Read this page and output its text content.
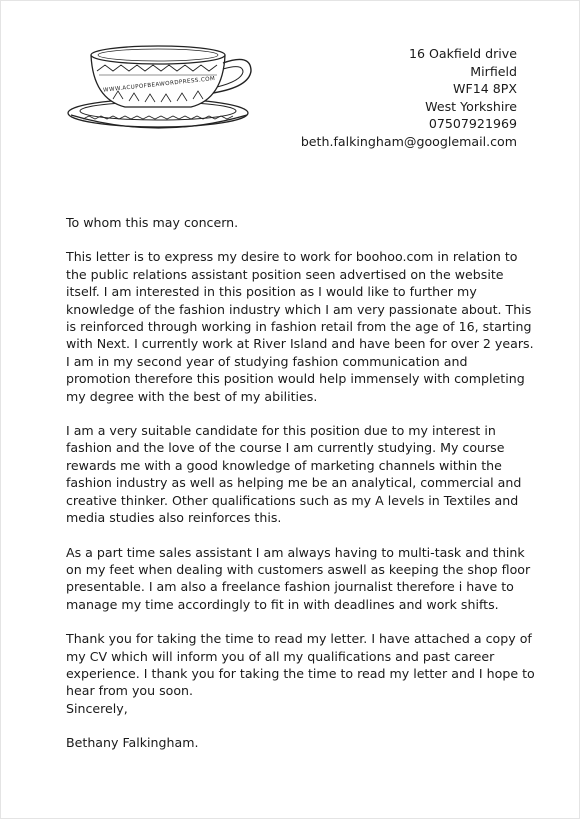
WWW.ACUPOFBEAWORDPRESS.COM
16 Oakfield drive
Mirfield
WF14 8PX
West Yorkshire
07507921969
beth.falkingham@googlemail.com

To whom this may concern.

This letter is to express my desire to work for boohoo.com in relation to the public relations assistant position seen advertised on the website itself. I am interested in this position as I would like to further my knowledge of the fashion industry which I am very passionate about. This is reinforced through working in fashion retail from the age of 16, starting with Next. I currently work at River Island and have been for over 2 years. I am in my second year of studying fashion communication and promotion therefore this position would help immensely with completing my degree with the best of my abilities.

I am a very suitable candidate for this position due to my interest in fashion and the love of the course I am currently studying. My course rewards me with a good knowledge of marketing channels within the fashion industry as well as helping me be an analytical, commercial and creative thinker. Other qualifications such as my A levels in Textiles and media studies also reinforces this.

As a part time sales assistant I am always having to multi-task and think on my feet when dealing with customers aswell as keeping the shop floor presentable. I am also a freelance fashion journalist therefore i have to manage my time accordingly to fit in with deadlines and work shifts.

Thank you for taking the time to read my letter. I have attached a copy of my CV which will inform you of all my qualifications and past career experience. I thank you for taking the time to read my letter and I hope to hear from you soon.

Sincerely,

Bethany Falkingham.
